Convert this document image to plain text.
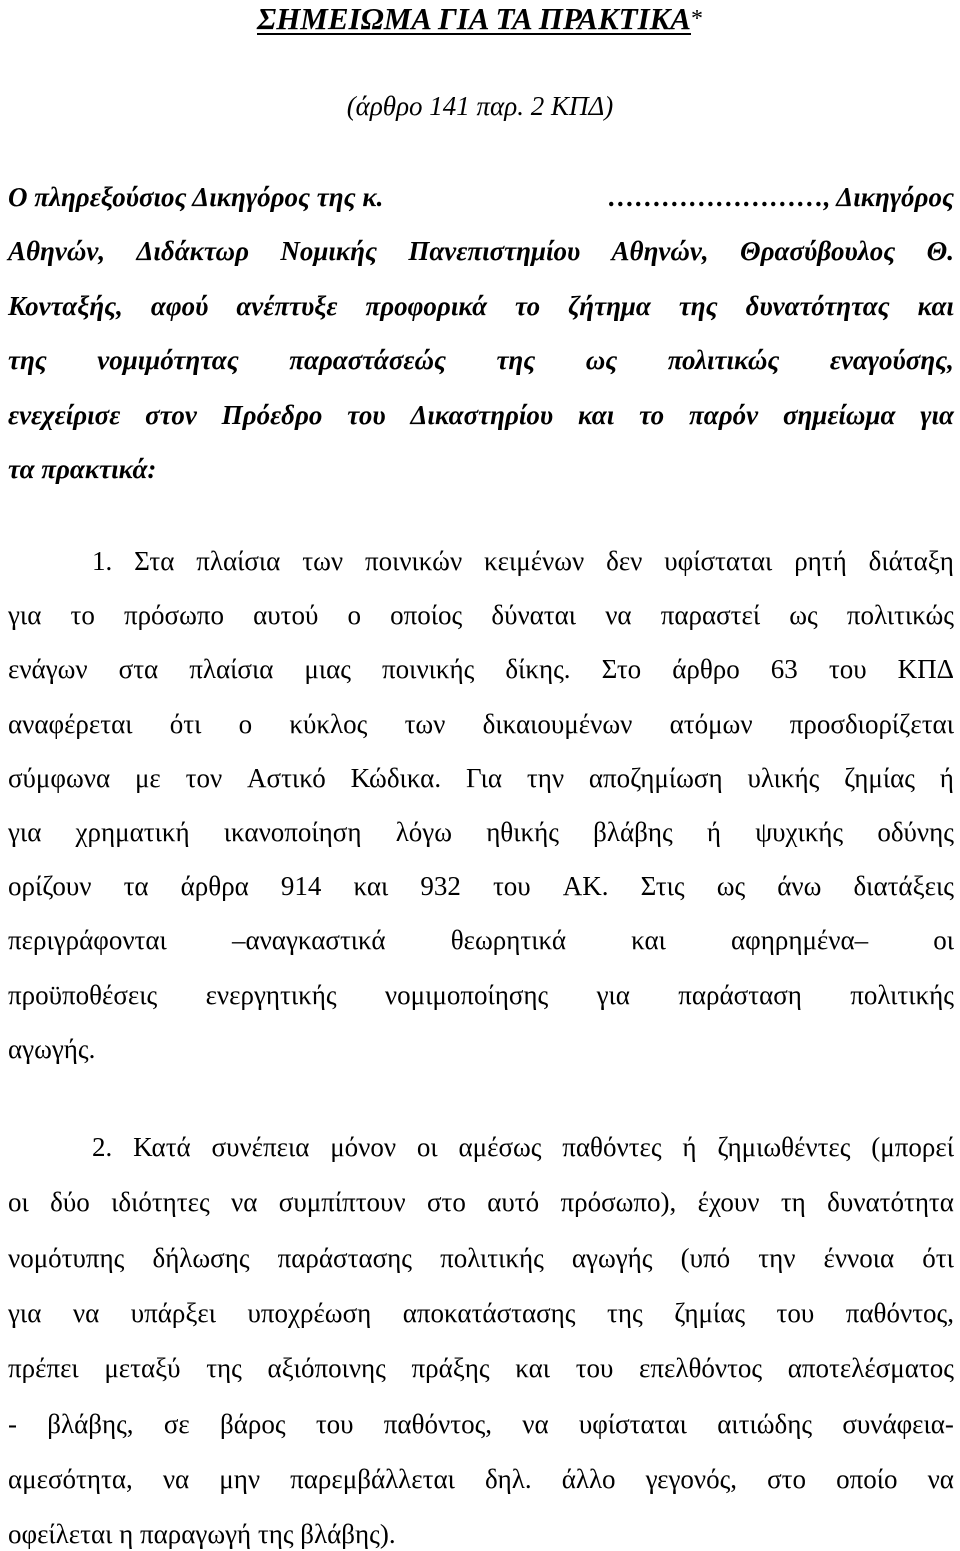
ΣΗΜΕΙΩΜΑ ΓΙΑ ΤΑ ΠΡΑΚΤΙΚΑ*
(άρθρο 141 παρ. 2 ΚΠΔ)
Ο πληρεξούσιος Δικηγόρος της κ.	……………………, Δικηγόρος
Αθηνών, Διδάκτωρ Νομικής Πανεπιστημίου Αθηνών, Θρασύβουλος Θ.
Κονταξής, αφού ανέπτυξε προφορικά το ζήτημα της δυνατότητας και
της νομιμότητας παραστάσεώς της ως πολιτικώς εναγούσης,
ενεχείρισε στον Πρόεδρο του Δικαστηρίου και το παρόν σημείωμα για
τα πρακτικά:
1. Στα πλαίσια των ποινικών κειμένων δεν υφίσταται ρητή διάταξη
για το πρόσωπο αυτού ο οποίος δύναται να παραστεί ως πολιτικώς
ενάγων στα πλαίσια μιας ποινικής δίκης. Στο άρθρο 63 του ΚΠΔ
αναφέρεται ότι ο κύκλος των δικαιουμένων ατόμων προσδιορίζεται
σύμφωνα με τον Αστικό Κώδικα. Για την αποζημίωση υλικής ζημίας ή
για χρηματική ικανοποίηση λόγω ηθικής βλάβης ή ψυχικής οδύνης
ορίζουν τα άρθρα 914 και 932 του ΑΚ. Στις ως άνω διατάξεις
περιγράφονται –αναγκαστικά θεωρητικά και αφηρημένα– οι
προϋποθέσεις ενεργητικής νομιμοποίησης για παράσταση πολιτικής
αγωγής.
2. Κατά συνέπεια μόνον οι αμέσως παθόντες ή ζημιωθέντες (μπορεί
οι δύο ιδιότητες να συμπίπτουν στο αυτό πρόσωπο), έχουν τη δυνατότητα
νομότυπης δήλωσης παράστασης πολιτικής αγωγής (υπό την έννοια ότι
για να υπάρξει υποχρέωση αποκατάστασης της ζημίας του παθόντος,
πρέπει μεταξύ της αξιόποινης πράξης και του επελθόντος αποτελέσματος
- βλάβης, σε βάρος του παθόντος, να υφίσταται αιτιώδης συνάφεια-
αμεσότητα, να μην παρεμβάλλεται δηλ. άλλο γεγονός, στο οποίο να
οφείλεται η παραγωγή της βλάβης).
